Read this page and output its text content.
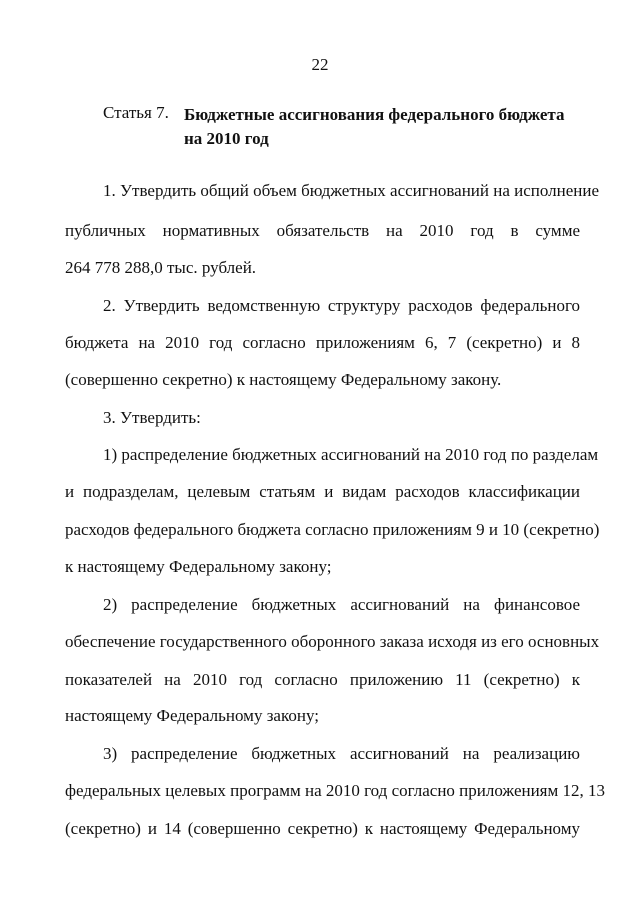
22
Статья 7. Бюджетные ассигнования федерального бюджета на 2010 год
1. Утвердить общий объем бюджетных ассигнований на исполнение
публичных нормативных обязательств на 2010 год в сумме
264 778 288,0 тыс. рублей.
2. Утвердить ведомственную структуру расходов федерального
бюджета на 2010 год согласно приложениям 6, 7 (секретно) и 8
(совершенно секретно) к настоящему Федеральному закону.
3. Утвердить:
1) распределение бюджетных ассигнований на 2010 год по разделам
и подразделам, целевым статьям и видам расходов классификации
расходов федерального бюджета согласно приложениям 9 и 10 (секретно)
к настоящему Федеральному закону;
2) распределение бюджетных ассигнований на финансовое
обеспечение государственного оборонного заказа исходя из его основных
показателей на 2010 год согласно приложению 11 (секретно) к
настоящему Федеральному закону;
3) распределение бюджетных ассигнований на реализацию
федеральных целевых программ на 2010 год согласно приложениям 12, 13
(секретно) и 14 (совершенно секретно) к настоящему Федеральному
